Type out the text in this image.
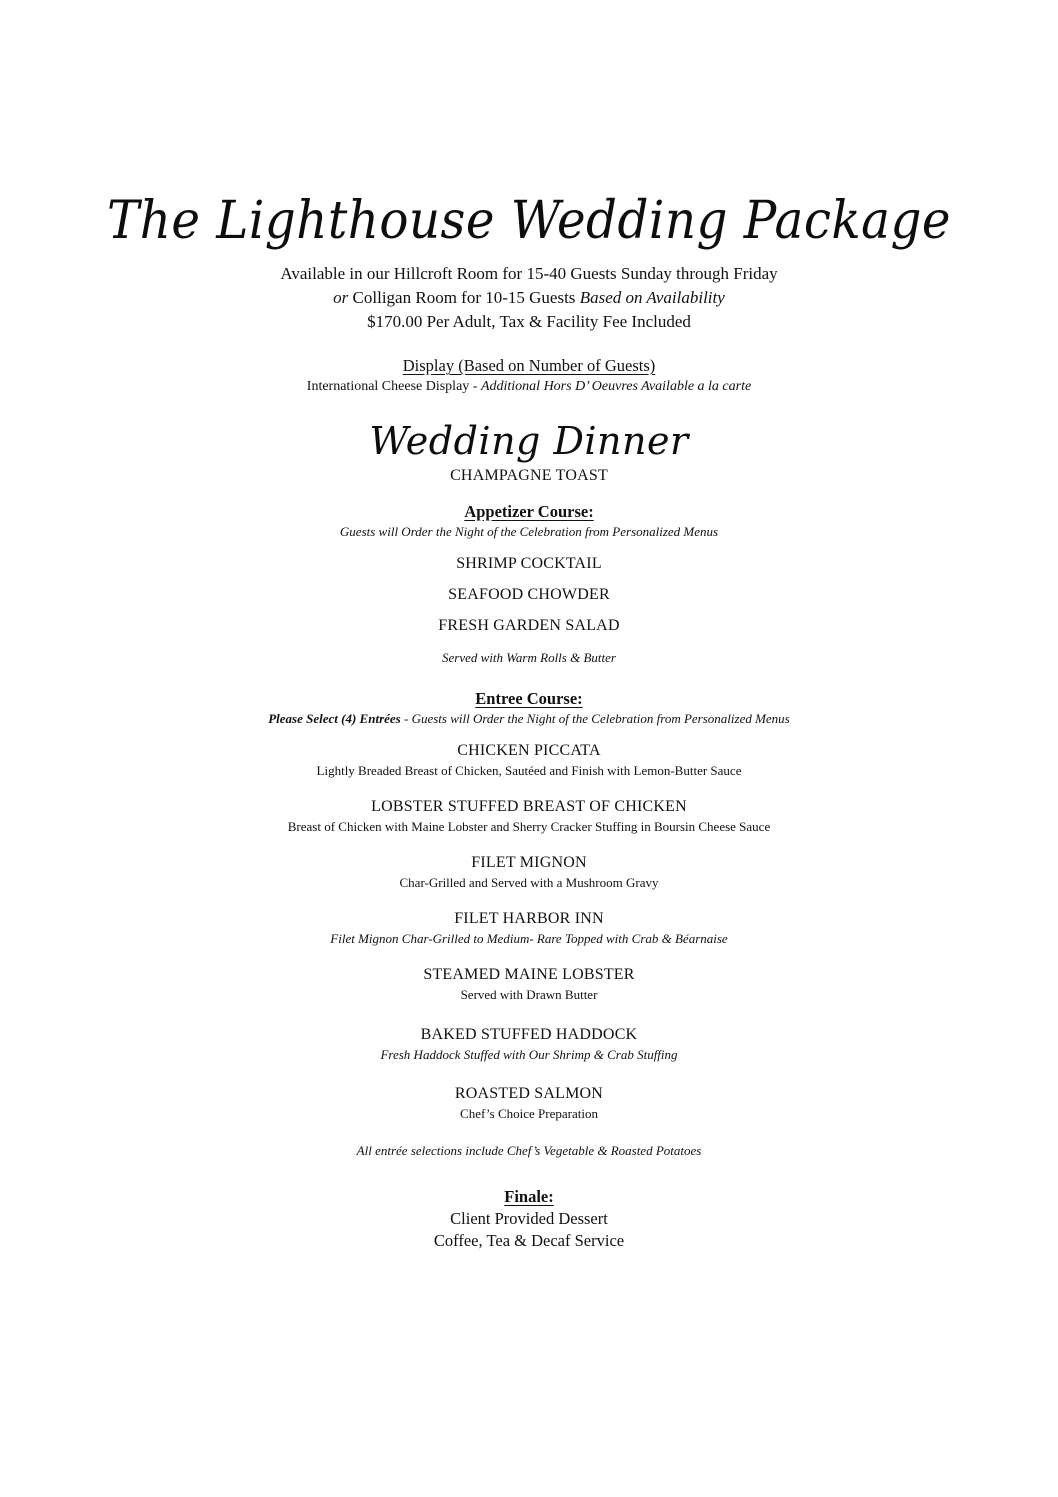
The Lighthouse Wedding Package
Available in our Hillcroft Room for 15-40 Guests Sunday through Friday
or Colligan Room for 10-15 Guests Based on Availability
$170.00 Per Adult, Tax & Facility Fee Included
Display (Based on Number of Guests)
International Cheese Display - Additional Hors D’ Oeuvres Available a la carte
Wedding Dinner
CHAMPAGNE TOAST
Appetizer Course:
Guests will Order the Night of the Celebration from Personalized Menus
SHRIMP COCKTAIL
SEAFOOD CHOWDER
FRESH GARDEN SALAD
Served with Warm Rolls & Butter
Entree Course:
Please Select (4) Entrées - Guests will Order the Night of the Celebration from Personalized Menus
CHICKEN PICCATA
Lightly Breaded Breast of Chicken, Sautéed and Finish with Lemon-Butter Sauce
LOBSTER STUFFED BREAST OF CHICKEN
Breast of Chicken with Maine Lobster and Sherry Cracker Stuffing in Boursin Cheese Sauce
FILET MIGNON
Char-Grilled and Served with a Mushroom Gravy
FILET HARBOR INN
Filet Mignon Char-Grilled to Medium- Rare Topped with Crab & Béarnaise
STEAMED MAINE LOBSTER
Served with Drawn Butter
BAKED STUFFED HADDOCK
Fresh Haddock Stuffed with Our Shrimp & Crab Stuffing
ROASTED SALMON
Chef’s Choice Preparation
All entrée selections include Chef’s Vegetable & Roasted Potatoes
Finale:
Client Provided Dessert
Coffee, Tea & Decaf Service
